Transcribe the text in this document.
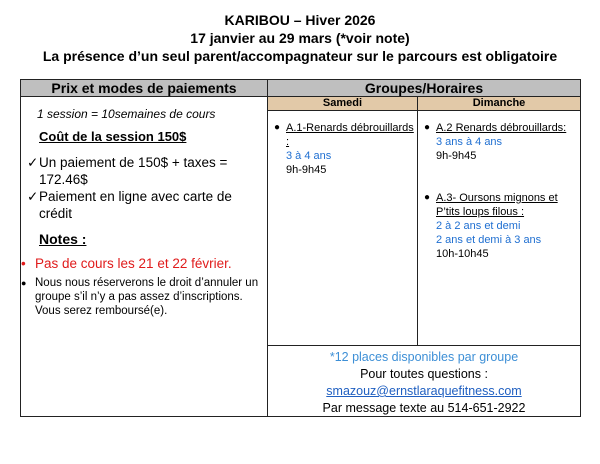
KARIBOU – Hiver 2026
17 janvier au 29 mars (*voir note)
La présence d’un seul parent/accompagnateur sur le parcours est obligatoire
Prix et modes de paiements
1 session = 10semaines de cours
Coût de la session 150$
✓ Un paiement de 150$ + taxes = 172.46$
✓ Paiement en ligne avec carte de crédit
Notes :
• Pas de cours les 21 et 22 février.
● Nous nous réserverons le droit d’annuler un groupe s’il n’y a pas assez d’inscriptions. Vous serez remboursé(e).
Groupes/Horaires
Samedi	Dimanche
● A.1-Renards débrouillards :
3 à 4 ans
9h-9h45
● A.2 Renards débrouillards:
3 ans à 4 ans
9h-9h45
● A.3- Oursons mignons et P’tits loups filous :
2 à 2 ans et demi
2 ans et demi à 3 ans
10h-10h45
*12 places disponibles par groupe
Pour toutes questions :
smazouz@ernstlaraquefitness.com
Par message texte au 514-651-2922
